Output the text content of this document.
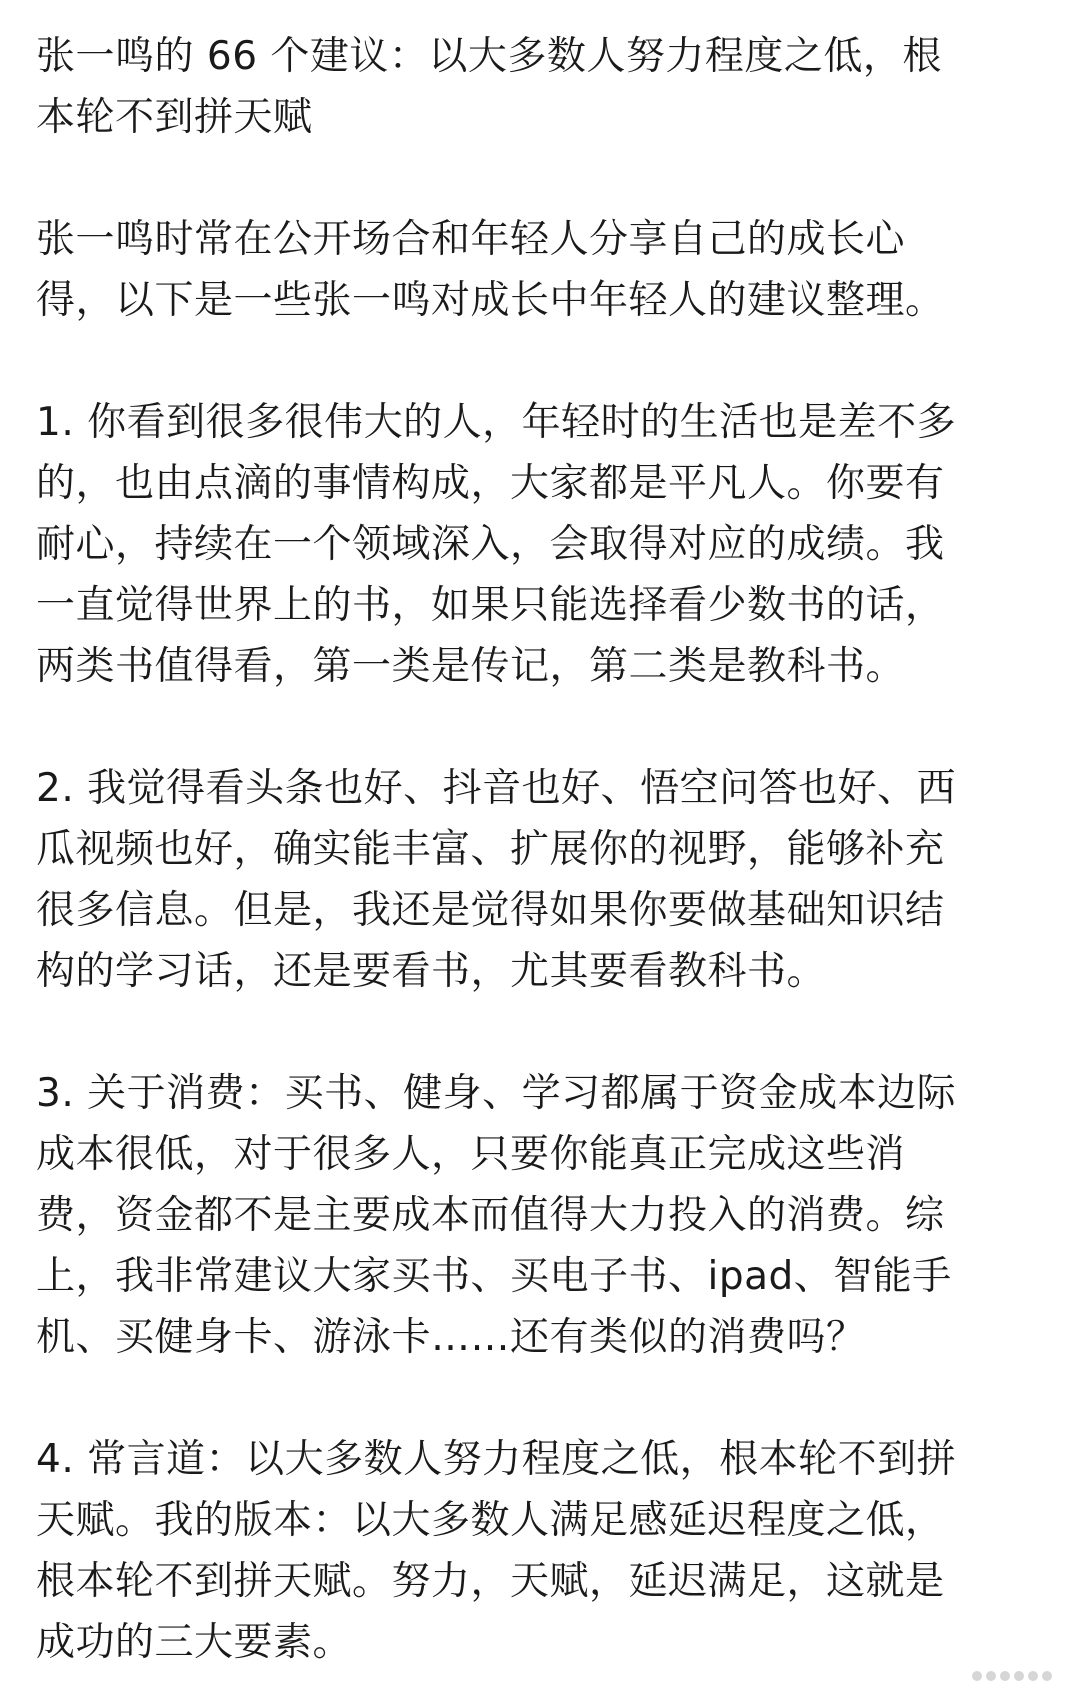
张一鸣的 66 个建议：以大多数人努力程度之低，根
本轮不到拼天赋

张一鸣时常在公开场合和年轻人分享自己的成长心
得，以下是一些张一鸣对成长中年轻人的建议整理。

1. 你看到很多很伟大的人，年轻时的生活也是差不多
的，也由点滴的事情构成，大家都是平凡人。你要有
耐心，持续在一个领域深入，会取得对应的成绩。我
一直觉得世界上的书，如果只能选择看少数书的话，
两类书值得看，第一类是传记，第二类是教科书。

2. 我觉得看头条也好、抖音也好、悟空问答也好、西
瓜视频也好，确实能丰富、扩展你的视野，能够补充
很多信息。但是，我还是觉得如果你要做基础知识结
构的学习话，还是要看书，尤其要看教科书。

3. 关于消费：买书、健身、学习都属于资金成本边际
成本很低，对于很多人，只要你能真正完成这些消
费，资金都不是主要成本而值得大力投入的消费。综
上，我非常建议大家买书、买电子书、ipad、智能手
机、买健身卡、游泳卡……还有类似的消费吗？

4. 常言道：以大多数人努力程度之低，根本轮不到拼
天赋。我的版本：以大多数人满足感延迟程度之低，
根本轮不到拼天赋。努力，天赋，延迟满足，这就是
成功的三大要素。
